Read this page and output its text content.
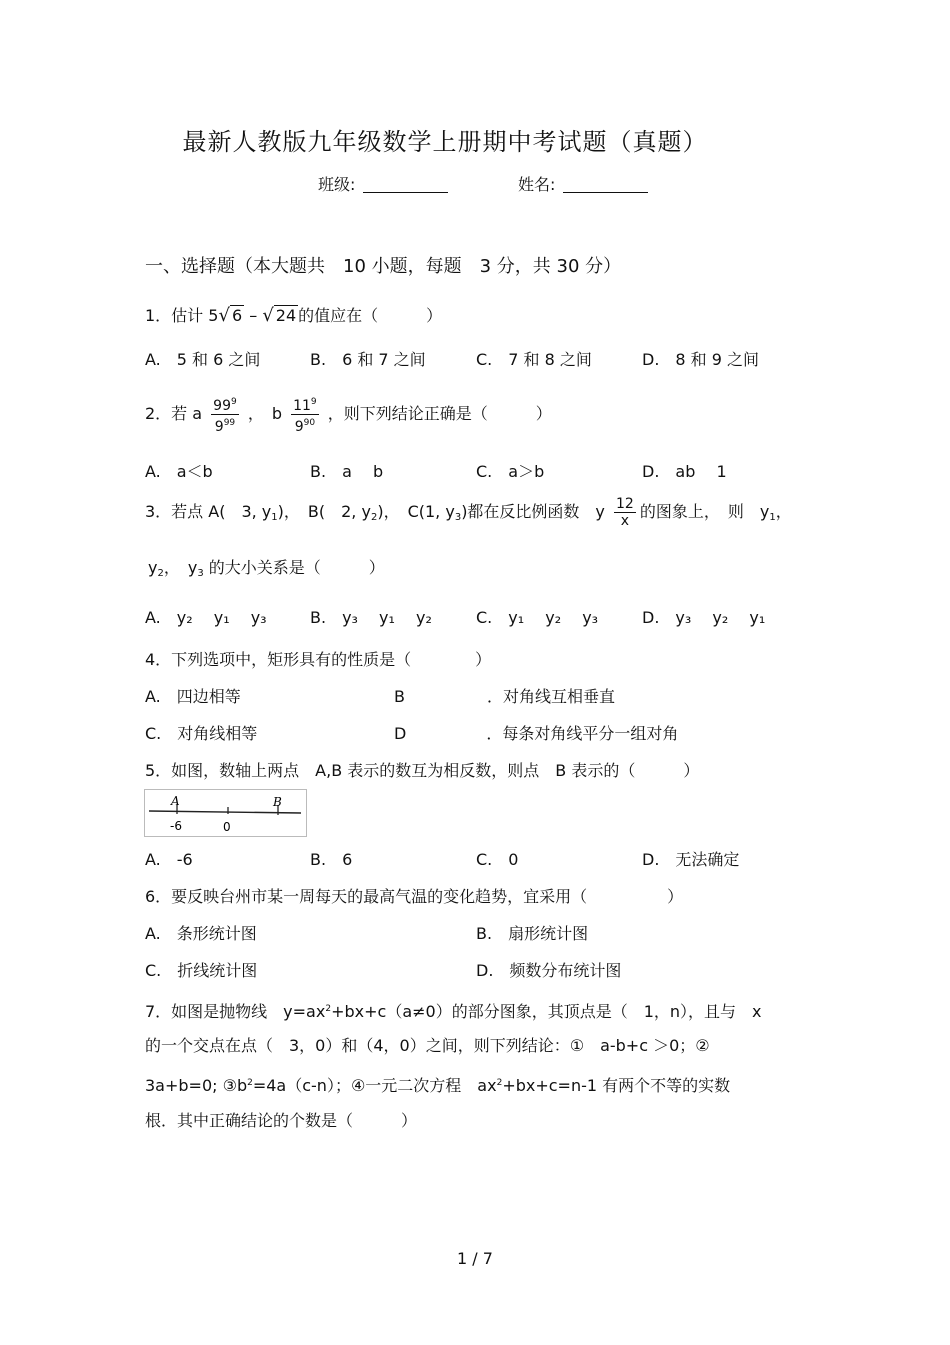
最新人教版九年级数学上册期中考试题（真题）
班级:	姓名:
一、选择题（本大题共　10 小题，每题　3 分，共 30 分）
1．估计 5√ 6 – √ 24 的值应在（　　　）
A.　5 和 6 之间	B.　6 和 7 之间	C.　7 和 8 之间	D.　8 和 9 之间
2．若 a $\frac{99^9}{9^{99}}$ ，　b $\frac{11^9}{9^{90}}$ ，则下列结论正确是（　　　）
A.　a＜b	B.　a　 b	C.　a＞b	D.　ab　 1
3．若点 A(　3, $y_1$)，　B(　2, $y_2$)，　C(1, $y_3$)都在反比例函数　y $\frac{12}{x}$ 的图象上，　则　$y_1$，
$y_2$，　$y_3$ 的大小关系是（　　　）
A.　y₂　 y₁　 y₃	B.　y₃　 y₁　 y₂	C.　y₁　 y₂　 y₃	D.　y₃　 y₂　 y₁
4．下列选项中，矩形具有的性质是（　　　　）
A.　四边相等	B	．对角线互相垂直
C.　对角线相等	D	．每条对角线平分一组对角
5．如图，数轴上两点　A,B 表示的数互为相反数，则点　B 表示的（　　　）
A	B
-6	0
A.　-6	B.　6	C.　0	D.　无法确定
6．要反映台州市某一周每天的最高气温的变化趋势，宜采用（　　　　　）
A.　条形统计图	B.　扇形统计图
C.　折线统计图	D.　频数分布统计图
7．如图是抛物线　$y=ax^2+bx+c(a\ne 0)$的部分图象，其顶点是（　1，n），且与　x
的一个交点在点（　3，0）和（4，0）之间，则下列结论：①　a-b+c ＞0；②
3a+b=0; $③b^2=4a(c-n)$；④一元二次方程　$ax^2+bx+c=n-1$ 有两个不等的实数
根．其中正确结论的个数是（　　　）
1 / 7
